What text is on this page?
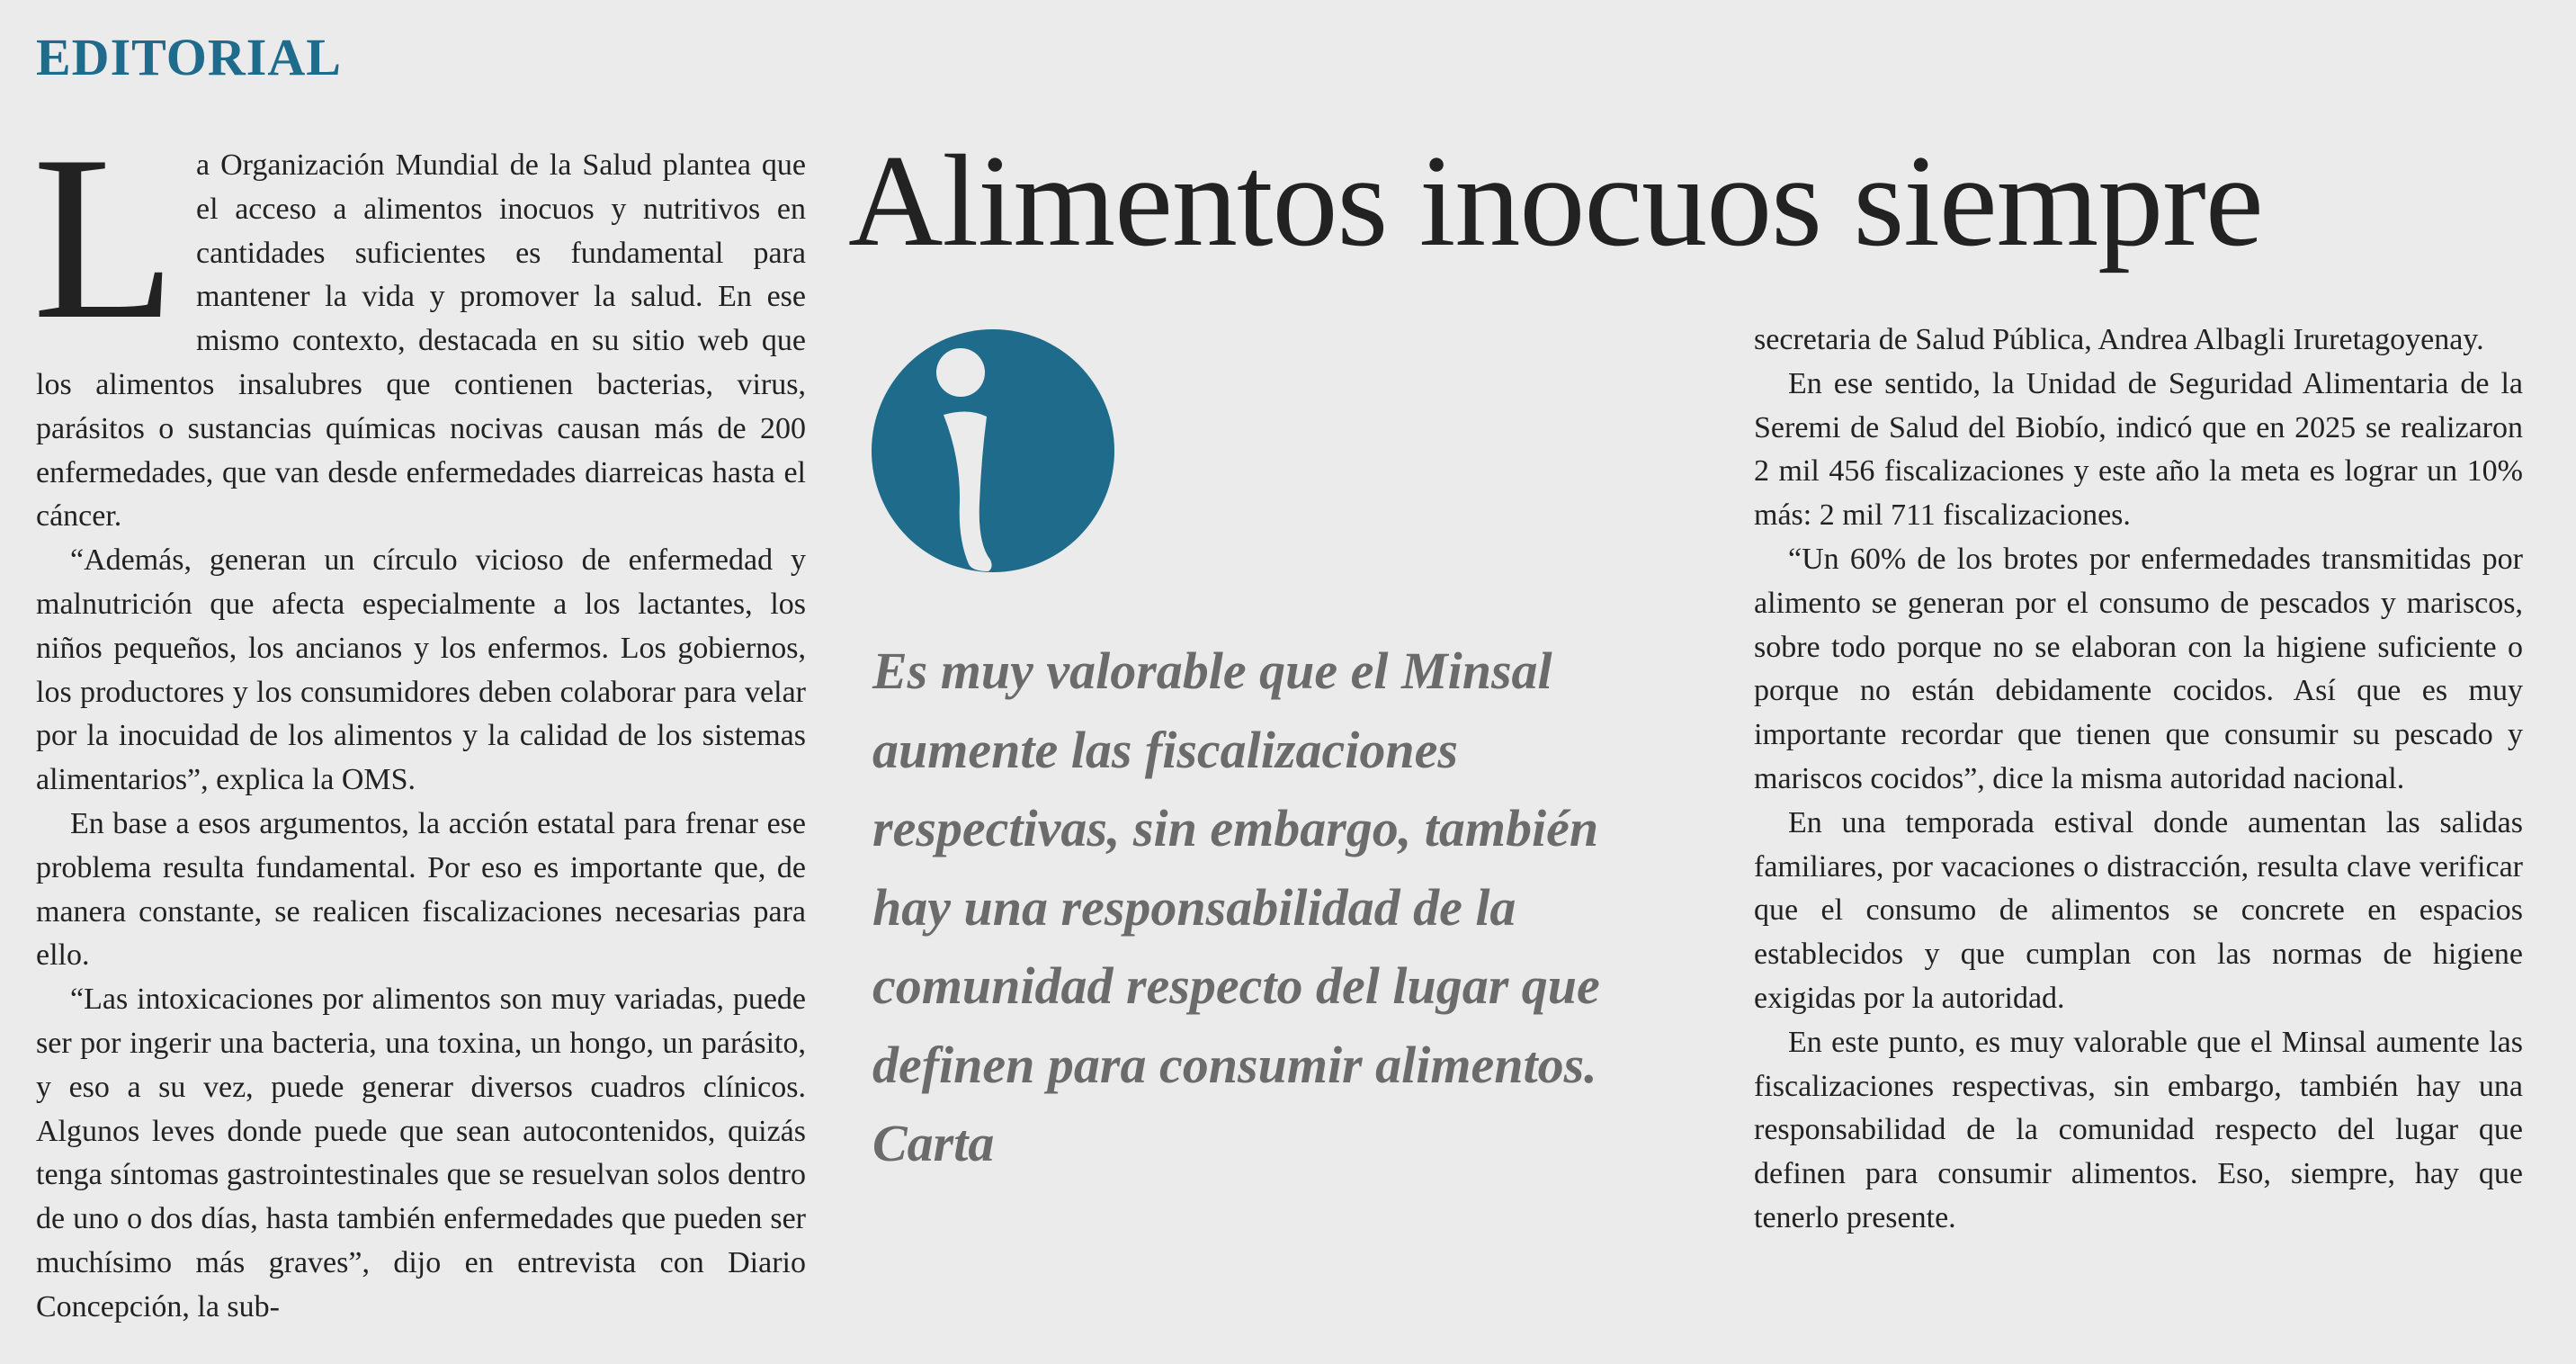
EDITORIAL
L a Organización Mundial de la Salud plantea que el acceso a alimentos inocuos y nutritivos en cantidades suficientes es fundamental para mantener la vida y promover la salud. En ese mismo contexto, destacada en su sitio web que los alimentos insalubres que contienen bacterias, virus, parásitos o sustancias químicas nocivas causan más de 200 enfermedades, que van desde enfermedades diarreicas hasta el cáncer.

“Además, generan un círculo vicioso de enfermedad y malnutrición que afecta especialmente a los lactantes, los niños pequeños, los ancianos y los enfermos. Los gobiernos, los productores y los consumidores deben colaborar para velar por la inocuidad de los alimentos y la calidad de los sistemas alimentarios”, explica la OMS.

En base a esos argumentos, la acción estatal para frenar ese problema resulta fundamental. Por eso es importante que, de manera constante, se realicen fiscalizaciones necesarias para ello.

“Las intoxicaciones por alimentos son muy variadas, puede ser por ingerir una bacteria, una toxina, un hongo, un parásito, y eso a su vez, puede generar diversos cuadros clínicos. Algunos leves donde puede que sean autocontenidos, quizás tenga síntomas gastrointestinales que se resuelvan solos dentro de uno o dos días, hasta también enfermedades que pueden ser muchísimo más graves”, dijo en entrevista con Diario Concepción, la sub-

Alimentos inocuos siempre

Es muy valorable que el Minsal aumente las fiscalizaciones respectivas, sin embargo, también hay una responsabilidad de la comunidad respecto del lugar que definen para consumir alimentos. Carta

secretaria de Salud Pública, Andrea Albagli Iruretagoyenay.

En ese sentido, la Unidad de Seguridad Alimentaria de la Seremi de Salud del Biobío, indicó que en 2025 se realizaron 2 mil 456 fiscalizaciones y este año la meta es lograr un 10% más: 2 mil 711 fiscalizaciones.

“Un 60% de los brotes por enfermedades transmitidas por alimento se generan por el consumo de pescados y mariscos, sobre todo porque no se elaboran con la higiene suficiente o porque no están debidamente cocidos. Así que es muy importante recordar que tienen que consumir su pescado y mariscos cocidos”, dice la misma autoridad nacional.

En una temporada estival donde aumentan las salidas familiares, por vacaciones o distracción, resulta clave verificar que el consumo de alimentos se concrete en espacios establecidos y que cumplan con las normas de higiene exigidas por la autoridad.

En este punto, es muy valorable que el Minsal aumente las fiscalizaciones respectivas, sin embargo, también hay una responsabilidad de la comunidad respecto del lugar que definen para consumir alimentos. Eso, siempre, hay que tenerlo presente.
